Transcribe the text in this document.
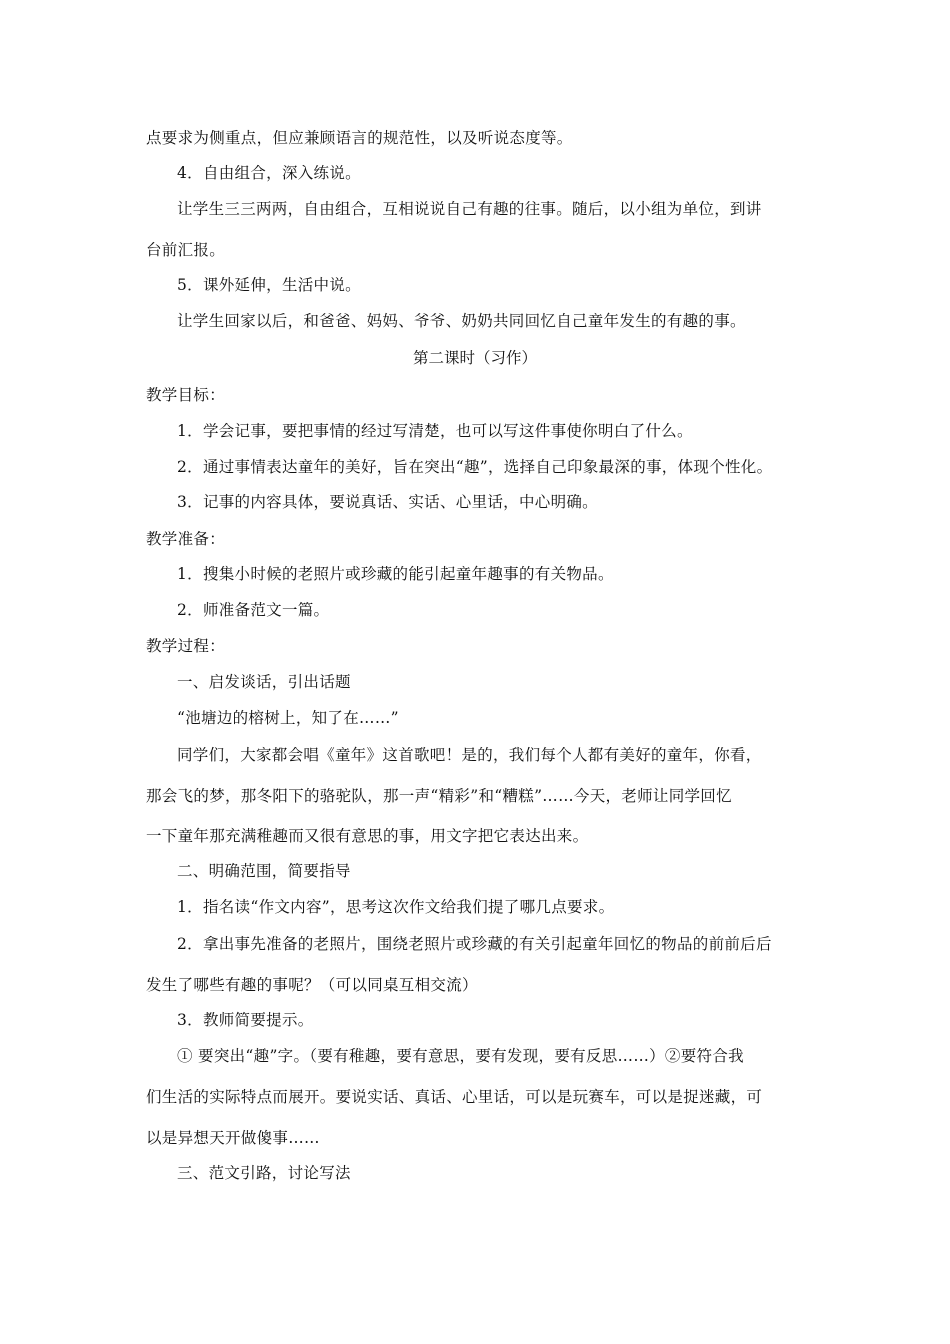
点要求为侧重点，但应兼顾语言的规范性，以及听说态度等。
4．自由组合，深入练说。
让学生三三两两，自由组合，互相说说自己有趣的往事。随后，以小组为单位，到讲
台前汇报。
5．课外延伸，生活中说。
让学生回家以后，和爸爸、妈妈、爷爷、奶奶共同回忆自己童年发生的有趣的事。
第二课时（习作）
教学目标：
1．学会记事，要把事情的经过写清楚，也可以写这件事使你明白了什么。
2．通过事情表达童年的美好，旨在突出“趣”，选择自己印象最深的事，体现个性化。
3．记事的内容具体，要说真话、实话、心里话，中心明确。
教学准备：
1．搜集小时候的老照片或珍藏的能引起童年趣事的有关物品。
2．师准备范文一篇。
教学过程：
一、启发谈话，引出话题
“池塘边的榕树上，知了在……”
同学们，大家都会唱《童年》这首歌吧！是的，我们每个人都有美好的童年，你看，
那会飞的梦，那冬阳下的骆驼队，那一声“精彩”和“糟糕”……今天，老师让同学回忆
一下童年那充满稚趣而又很有意思的事，用文字把它表达出来。
二、明确范围，简要指导
1．指名读“作文内容”，思考这次作文给我们提了哪几点要求。
2．拿出事先准备的老照片，围绕老照片或珍藏的有关引起童年回忆的物品的前前后后
发生了哪些有趣的事呢？（可以同桌互相交流）
3．教师简要提示。
① 要突出“趣”字。（要有稚趣，要有意思，要有发现，要有反思……）②要符合我
们生活的实际特点而展开。要说实话、真话、心里话，可以是玩赛车，可以是捉迷藏，可
以是异想天开做傻事……
三、范文引路，讨论写法
